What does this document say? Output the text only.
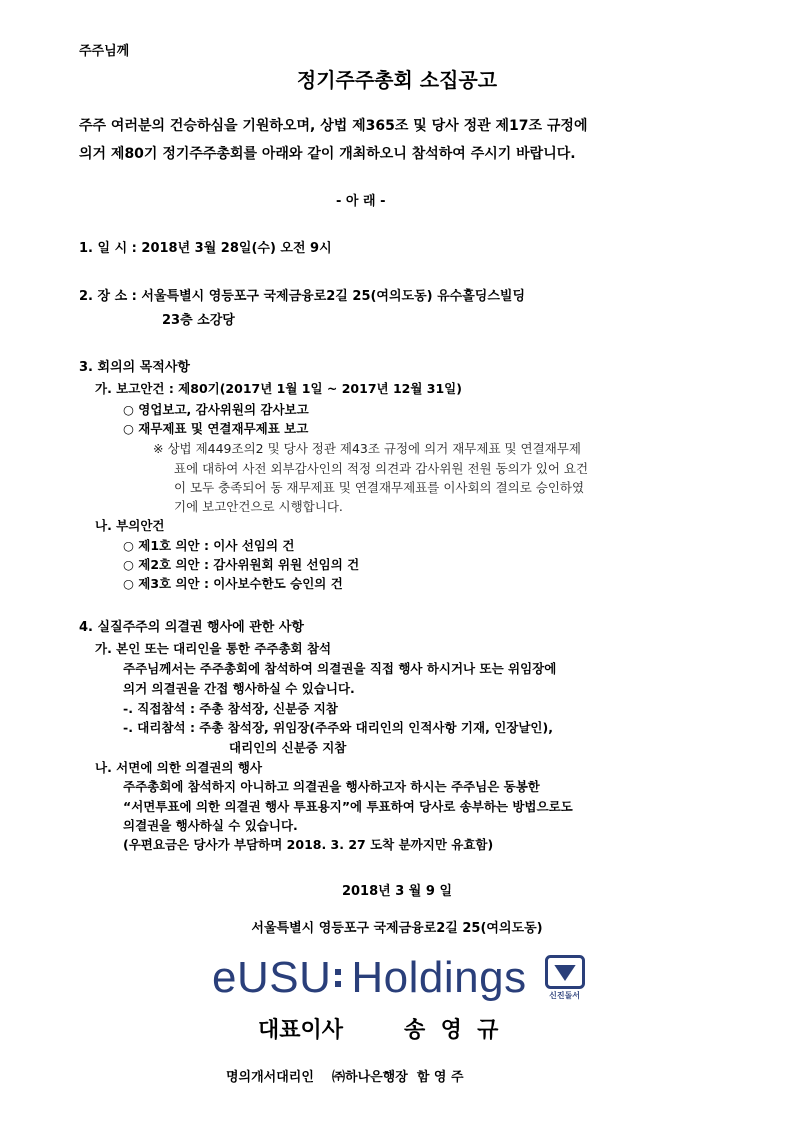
주주님께
정기주주총회 소집공고
주주 여러분의 건승하심을 기원하오며, 상법 제365조 및 당사 정관 제17조 규정에
의거 제80기 정기주주총회를 아래와 같이 개최하오니 참석하여 주시기 바랍니다.
- 아 래 -
1. 일 시 : 2018년 3월 28일(수) 오전 9시
2. 장 소 : 서울특별시 영등포구 국제금융로2길 25(여의도동) 유수홀딩스빌딩
23층 소강당
3. 회의의 목적사항
가. 보고안건 : 제80기(2017년 1월 1일 ~ 2017년 12월 31일)
○ 영업보고, 감사위원의 감사보고
○ 재무제표 및 연결재무제표 보고
※ 상법 제449조의2 및 당사 정관 제43조 규정에 의거 재무제표 및 연결재무제
표에 대하여 사전 외부감사인의 적정 의견과 감사위원 전원 동의가 있어 요건
이 모두 충족되어 동 재무제표 및 연결재무제표를 이사회의 결의로 승인하였
기에 보고안건으로 시행합니다.
나. 부의안건
○ 제1호 의안 : 이사 선임의 건
○ 제2호 의안 : 감사위원회 위원 선임의 건
○ 제3호 의안 : 이사보수한도 승인의 건
4. 실질주주의 의결권 행사에 관한 사항
가. 본인 또는 대리인을 통한 주주총회 참석
주주님께서는 주주총회에 참석하여 의결권을 직접 행사 하시거나 또는 위임장에
의거 의결권을 간접 행사하실 수 있습니다.
-. 직접참석 : 주총 참석장, 신분증 지참
-. 대리참석 : 주총 참석장, 위임장(주주와 대리인의 인적사항 기재, 인장날인),
대리인의 신분증 지참
나. 서면에 의한 의결권의 행사
주주총회에 참석하지 아니하고 의결권을 행사하고자 하시는 주주님은 동봉한
“서면투표에 의한 의결권 행사 투표용지”에 투표하여 당사로 송부하는 방법으로도
의결권을 행사하실 수 있습니다.
(우편요금은 당사가 부담하며 2018. 3. 27 도착 분까지만 유효함)
2018년 3 월 9 일
서울특별시 영등포구 국제금융로2길 25(여의도동)
eUSU Holdings	신진돌서
대표이사	송  영  규
명의개서대리인    ㈜하나은행장  함 영 주
